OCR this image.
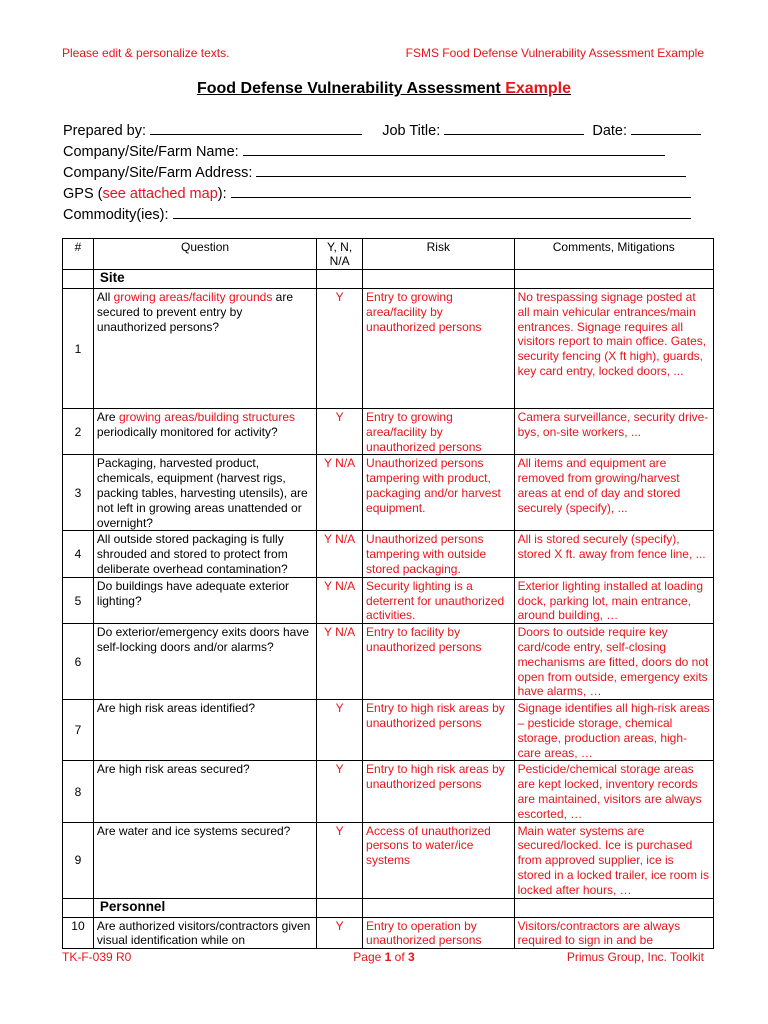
Please edit & personalize texts.	FSMS Food Defense Vulnerability Assessment Example
Food Defense Vulnerability Assessment Example
Prepared by:	Job Title:	Date:
Company/Site/Farm Name:
Company/Site/Farm Address:
GPS (see attached map):
Commodity(ies):
#	Question	Y, N, N/A	Risk	Comments, Mitigations
	Site			
1	All growing areas/facility grounds are secured to prevent entry by unauthorized persons?	Y	Entry to growing area/facility by unauthorized persons	No trespassing signage posted at all main vehicular entrances/main entrances. Signage requires all visitors report to main office. Gates, security fencing (X ft high), guards, key card entry, locked doors, ...
2	Are growing areas/building structures periodically monitored for activity?	Y	Entry to growing area/facility by unauthorized persons	Camera surveillance, security drive-bys, on-site workers, ...
3	Packaging, harvested product, chemicals, equipment (harvest rigs, packing tables, harvesting utensils), are not left in growing areas unattended or overnight?	Y N/A	Unauthorized persons tampering with product, packaging and/or harvest equipment.	All items and equipment are removed from growing/harvest areas at end of day and stored securely (specify), ...
4	All outside stored packaging is fully shrouded and stored to protect from deliberate overhead contamination?	Y N/A	Unauthorized persons tampering with outside stored packaging.	All is stored securely (specify), stored X ft. away from fence line, ...
5	Do buildings have adequate exterior lighting?	Y N/A	Security lighting is a deterrent for unauthorized activities.	Exterior lighting installed at loading dock, parking lot, main entrance, around building, …
6	Do exterior/emergency exits doors have self-locking doors and/or alarms?	Y N/A	Entry to facility by unauthorized persons	Doors to outside require key card/code entry, self-closing mechanisms are fitted, doors do not open from outside, emergency exits have alarms, …
7	Are high risk areas identified?	Y	Entry to high risk areas by unauthorized persons	Signage identifies all high-risk areas – pesticide storage, chemical storage, production areas, high-care areas, …
8	Are high risk areas secured?	Y	Entry to high risk areas by unauthorized persons	Pesticide/chemical storage areas are kept locked, inventory records are maintained, visitors are always escorted, …
9	Are water and ice systems secured?	Y	Access of unauthorized persons to water/ice systems	Main water systems are secured/locked. Ice is purchased from approved supplier, ice is stored in a locked trailer, ice room is locked after hours, …
	Personnel			
10	Are authorized visitors/contractors given visual identification while on	Y	Entry to operation by unauthorized persons	Visitors/contractors are always required to sign in and be
TK-F-039 R0	Page 1 of 3	Primus Group, Inc. Toolkit
